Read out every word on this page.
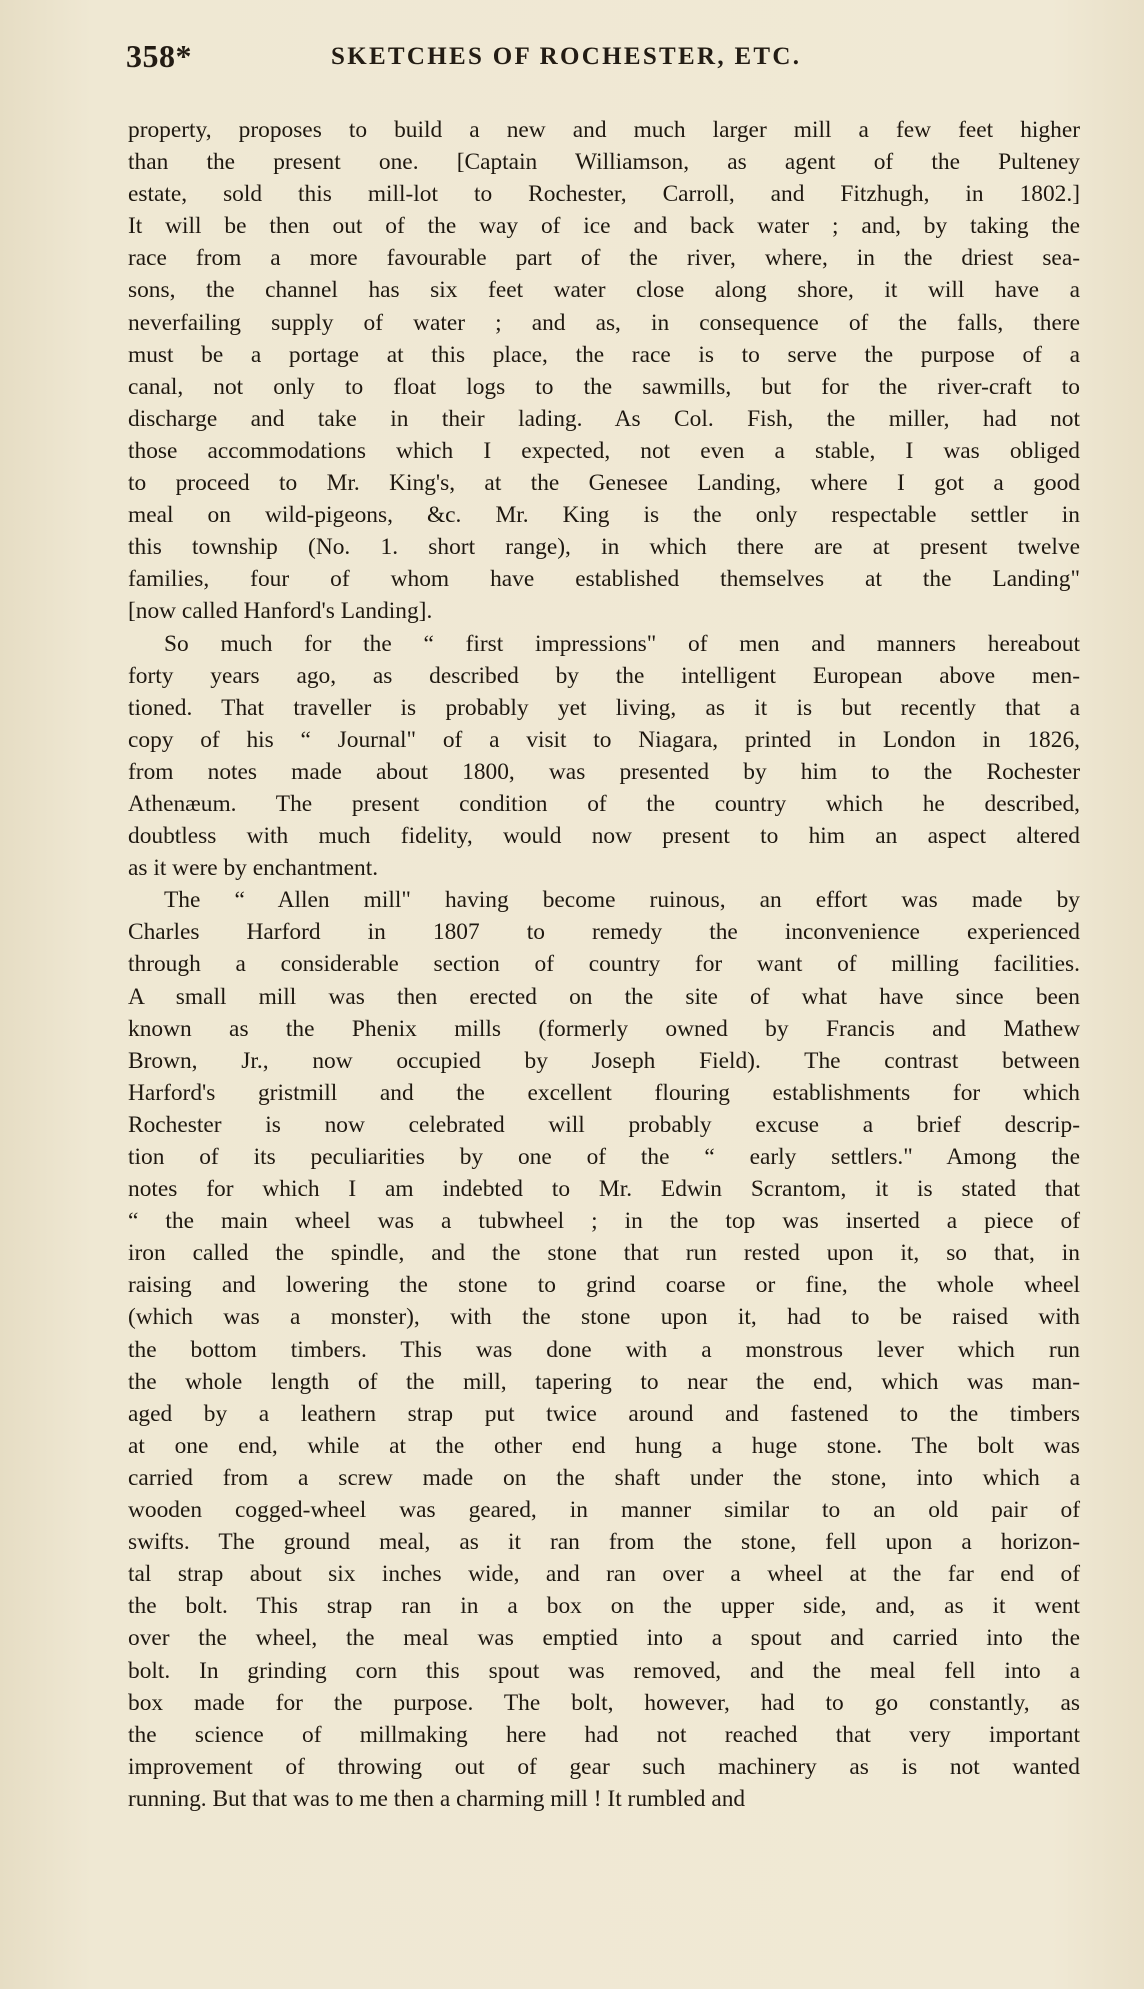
358*	SKETCHES OF ROCHESTER, ETC.
property, proposes to build a new and much larger mill a few feet higher
than the present one. [Captain Williamson, as agent of the Pulteney
estate, sold this mill-lot to Rochester, Carroll, and Fitzhugh, in 1802.]
It will be then out of the way of ice and back water ; and, by taking the
race from a more favourable part of the river, where, in the driest sea-
sons, the channel has six feet water close along shore, it will have a
neverfailing supply of water ; and as, in consequence of the falls, there
must be a portage at this place, the race is to serve the purpose of a
canal, not only to float logs to the sawmills, but for the river-craft to
discharge and take in their lading. As Col. Fish, the miller, had not
those accommodations which I expected, not even a stable, I was obliged
to proceed to Mr. King's, at the Genesee Landing, where I got a good
meal on wild-pigeons, &c. Mr. King is the only respectable settler in
this township (No. 1. short range), in which there are at present twelve
families, four of whom have established themselves at the Landing"
[now called Hanford's Landing].
So much for the “ first impressions" of men and manners hereabout
forty years ago, as described by the intelligent European above men-
tioned. That traveller is probably yet living, as it is but recently that a
copy of his “ Journal" of a visit to Niagara, printed in London in 1826,
from notes made about 1800, was presented by him to the Rochester
Athenæum. The present condition of the country which he described,
doubtless with much fidelity, would now present to him an aspect altered
as it were by enchantment.
The “ Allen mill" having become ruinous, an effort was made by
Charles Harford in 1807 to remedy the inconvenience experienced
through a considerable section of country for want of milling facilities.
A small mill was then erected on the site of what have since been
known as the Phenix mills (formerly owned by Francis and Mathew
Brown, Jr., now occupied by Joseph Field). The contrast between
Harford's gristmill and the excellent flouring establishments for which
Rochester is now celebrated will probably excuse a brief descrip-
tion of its peculiarities by one of the “ early settlers." Among the
notes for which I am indebted to Mr. Edwin Scrantom, it is stated that
“ the main wheel was a tubwheel ; in the top was inserted a piece of
iron called the spindle, and the stone that run rested upon it, so that, in
raising and lowering the stone to grind coarse or fine, the whole wheel
(which was a monster), with the stone upon it, had to be raised with
the bottom timbers. This was done with a monstrous lever which run
the whole length of the mill, tapering to near the end, which was man-
aged by a leathern strap put twice around and fastened to the timbers
at one end, while at the other end hung a huge stone. The bolt was
carried from a screw made on the shaft under the stone, into which a
wooden cogged-wheel was geared, in manner similar to an old pair of
swifts. The ground meal, as it ran from the stone, fell upon a horizon-
tal strap about six inches wide, and ran over a wheel at the far end of
the bolt. This strap ran in a box on the upper side, and, as it went
over the wheel, the meal was emptied into a spout and carried into the
bolt. In grinding corn this spout was removed, and the meal fell into a
box made for the purpose. The bolt, however, had to go constantly, as
the science of millmaking here had not reached that very important
improvement of throwing out of gear such machinery as is not wanted
running. But that was to me then a charming mill ! It rumbled and
